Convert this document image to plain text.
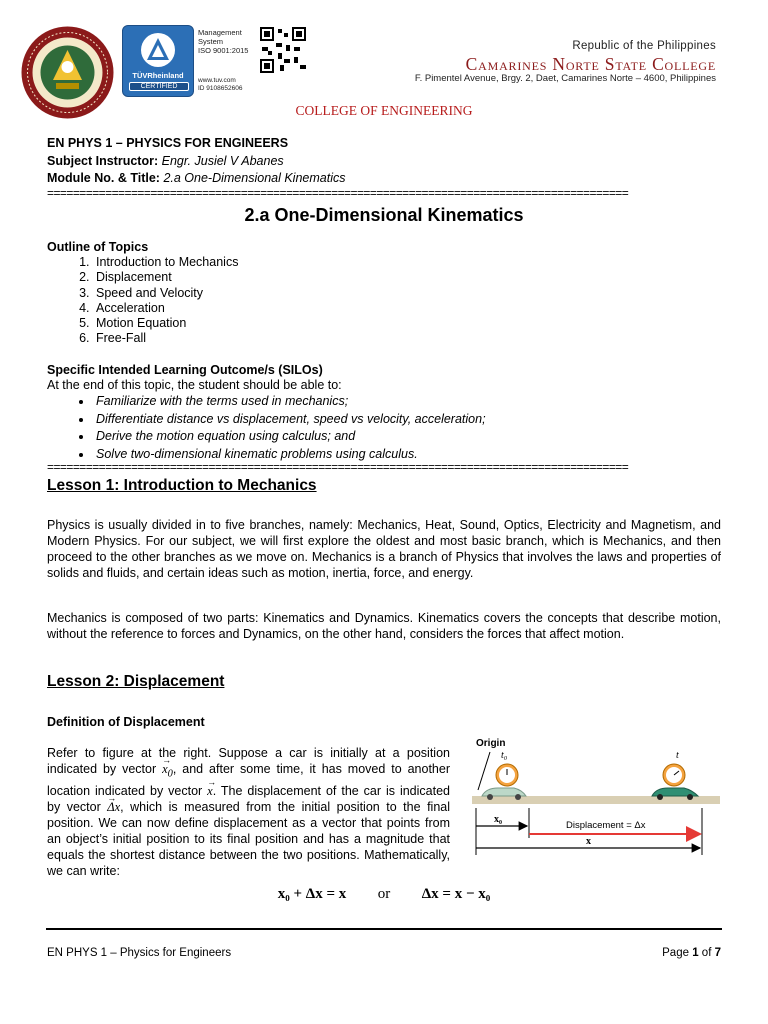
TÜVRheinland
CERTIFIED
Management
System
ISO 9001:2015
www.tuv.com
ID 9108652606
Republic of the Philippines
Camarines Norte State College
F. Pimentel Avenue, Brgy. 2, Daet, Camarines Norte – 4600, Philippines
COLLEGE OF ENGINEERING
EN PHYS 1 – PHYSICS FOR ENGINEERS
Subject Instructor: Engr. Jusiel V Abanes
Module No. & Title: 2.a One-Dimensional Kinematics
==========================================================================================
2.a One-Dimensional Kinematics
Outline of Topics
1. Introduction to Mechanics
2. Displacement
3. Speed and Velocity
4. Acceleration
5. Motion Equation
6. Free-Fall
Specific Intended Learning Outcome/s (SILOs)
At the end of this topic, the student should be able to:
• Familiarize with the terms used in mechanics;
• Differentiate distance vs displacement, speed vs velocity, acceleration;
• Derive the motion equation using calculus; and
• Solve two-dimensional kinematic problems using calculus.
==========================================================================================
Lesson 1: Introduction to Mechanics
Physics is usually divided in to five branches, namely: Mechanics, Heat, Sound, Optics, Electricity and Magnetism, and Modern Physics. For our subject, we will first explore the oldest and most basic branch, which is Mechanics, and then proceed to the other branches as we move on. Mechanics is a branch of Physics that involves the laws and properties of solids and fluids, and certain ideas such as motion, inertia, force, and energy.
Mechanics is composed of two parts: Kinematics and Dynamics. Kinematics covers the concepts that describe motion, without the reference to forces and Dynamics, on the other hand, considers the forces that affect motion.
Lesson 2: Displacement
Definition of Displacement
Refer to figure at the right. Suppose a car is initially at a position indicated by vector → $x_0$, and after some time, it has moved to another location indicated by vector → x. The displacement of the car is indicated by vector → Δx, which is measured from the initial position to the final position. We can now define displacement as a vector that points from an object’s initial position to its final position and has a magnitude that equals the shortest distance between the two positions. Mathematically, we can write:
Origin
t₀	t
x₀
Displacement = Δx
x
x₀ + Δx = x or Δx = x − x₀
EN PHYS 1 – Physics for Engineers	Page 1 of 7
